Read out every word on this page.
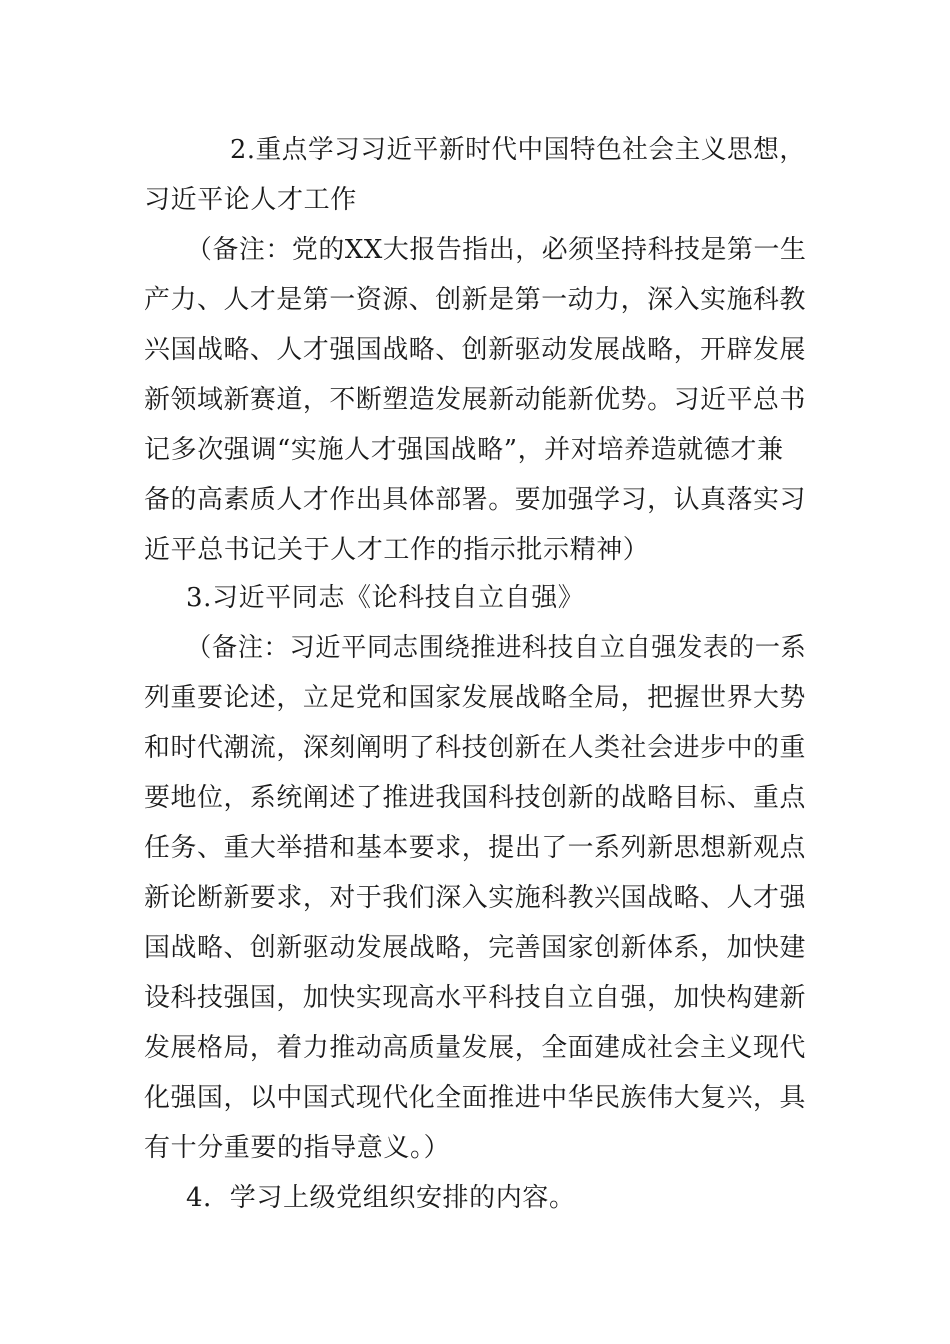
2.重点学习习近平新时代中国特色社会主义思想，
习近平论人才工作
（备注：党的XX大报告指出，必须坚持科技是第一生
产力、人才是第一资源、创新是第一动力，深入实施科教
兴国战略、人才强国战略、创新驱动发展战略，开辟发展
新领域新赛道，不断塑造发展新动能新优势。习近平总书
记多次强调“实施人才强国战略”，并对培养造就德才兼
备的高素质人才作出具体部署。要加强学习，认真落实习
近平总书记关于人才工作的指示批示精神）
3.习近平同志《论科技自立自强》
（备注：习近平同志围绕推进科技自立自强发表的一系
列重要论述，立足党和国家发展战略全局，把握世界大势
和时代潮流，深刻阐明了科技创新在人类社会进步中的重
要地位，系统阐述了推进我国科技创新的战略目标、重点
任务、重大举措和基本要求，提出了一系列新思想新观点
新论断新要求，对于我们深入实施科教兴国战略、人才强
国战略、创新驱动发展战略，完善国家创新体系，加快建
设科技强国，加快实现高水平科技自立自强，加快构建新
发展格局，着力推动高质量发展，全面建成社会主义现代
化强国，以中国式现代化全面推进中华民族伟大复兴，具
有十分重要的指导意义。）
4．学习上级党组织安排的内容。
